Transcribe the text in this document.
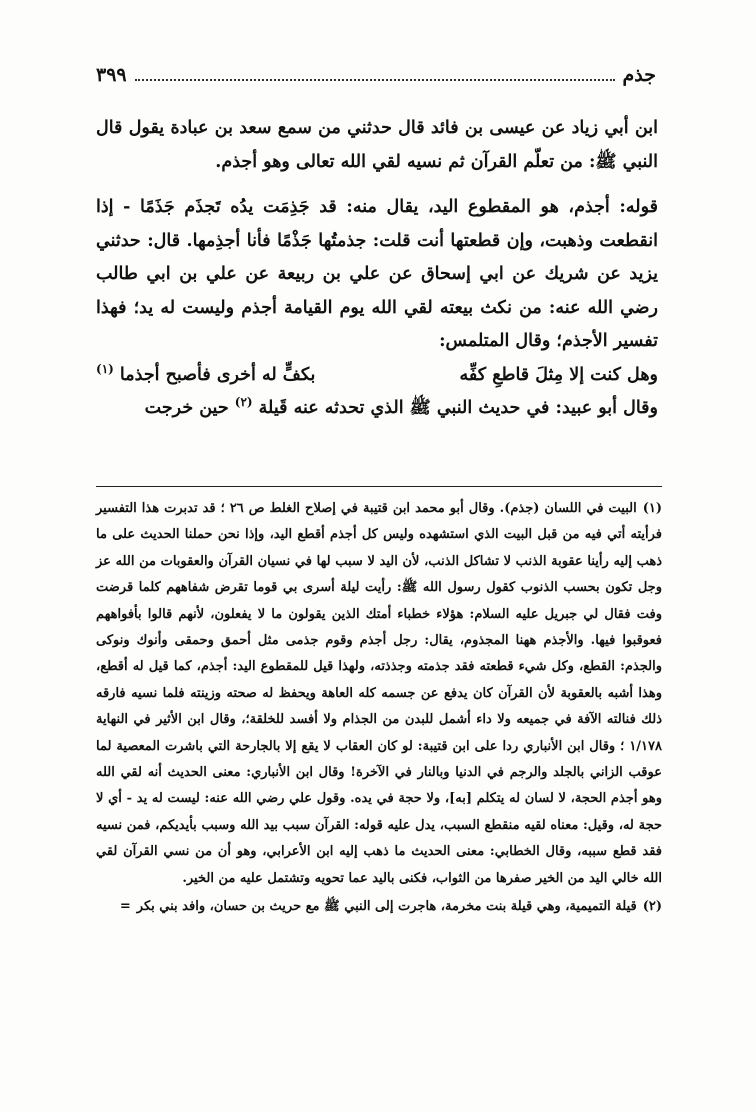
جذم
٣٩٩

ابن أبي زياد عن عيسى بن فائد قال حدثني من سمع سعد بن عبادة يقول قال النبي ﷺ: من تعلّم القرآن ثم نسيه لقي الله تعالى وهو أجذم.

قوله: أجذم، هو المقطوع اليد، يقال منه: قد جَذِمَت يدُه تَجذَم جَذَمًا - إذا انقطعت وذهبت، وإن قطعتها أنت قلت: جذمتُها جَذْمًا فأنا أجذِمها. قال: حدثني يزيد عن شريك عن ابي إسحاق عن علي بن ربيعة عن علي بن ابي طالب رضي الله عنه: من نكث بيعته لقي الله يوم القيامة أجذم وليست له يد؛ فهذا تفسير الأجذم؛ وقال المتلمس:

وهل كنت إلا مِثلَ قاطعِ كفِّه
بكفٍّ له أخرى فأصبح أجذما $^{(١)}$

وقال أبو عبيد: في حديث النبي ﷺ الذي تحدثه عنه قَيلة $^{(٢)}$ حين خرجت

(١)البيت في اللسان (جذم). وقال أبو محمد ابن قتيبة في إصلاح الغلط ص ٢٦ ؛ قد تدبرت هذا التفسير فرأيته أتي فيه من قبل البيت الذي استشهده وليس كل أجذم أقطع اليد، وإذا نحن حملنا الحديث على ما ذهب إليه رأينا عقوبة الذنب لا تشاكل الذنب، لأن اليد لا سبب لها في نسيان القرآن والعقوبات من الله عز وجل تكون بحسب الذنوب كقول رسول الله ﷺ: رأيت ليلة أسرى بي قوما تقرض شفاههم كلما قرضت وفت فقال لي جبريل عليه السلام: هؤلاء خطباء أمتك الذين يقولون ما لا يفعلون، لأنهم قالوا بأفواههم فعوقبوا فيها. والأجذم ههنا المجذوم، يقال: رجل أجذم وقوم جذمى مثل أحمق وحمقى وأنوك ونوكى والجذم: القطع، وكل شيء قطعته فقد جذمته وجذذته، ولهذا قيل للمقطوع اليد: أجذم، كما قيل له أقطع، وهذا أشبه بالعقوبة لأن القرآن كان يدفع عن جسمه كله العاهة ويحفظ له صحته وزينته فلما نسيه فارقه ذلك فنالته الآفة في جميعه ولا داء أشمل للبدن من الجذام ولا أفسد للخلقة؛، وقال ابن الأثير في النهاية ١/١٧٨ ؛ وقال ابن الأنباري ردا على ابن قتيبة: لو كان العقاب لا يقع إلا بالجارحة التي باشرت المعصية لما عوقب الزاني بالجلد والرجم في الدنيا وبالنار في الآخرة! وقال ابن الأنباري: معنى الحديث أنه لقي الله وهو أجذم الحجة، لا لسان له يتكلم [به]، ولا حجة في يده. وقول علي رضي الله عنه: ليست له يد - أي لا حجة له، وقيل: معناه لقيه منقطع السبب، يدل عليه قوله: القرآن سبب بيد الله وسبب بأيديكم، فمن نسيه فقد قطع سببه، وقال الخطابي: معنى الحديث ما ذهب إليه ابن الأعرابي، وهو أن من نسي القرآن لقي الله خالي اليد من الخير صفرها من الثواب، فكنى باليد عما تحويه وتشتمل عليه من الخير.

(٢)قيلة التميمية، وهي قيلة بنت مخرمة، هاجرت إلى النبي ﷺ مع حريث بن حسان، وافد بني بكر=
